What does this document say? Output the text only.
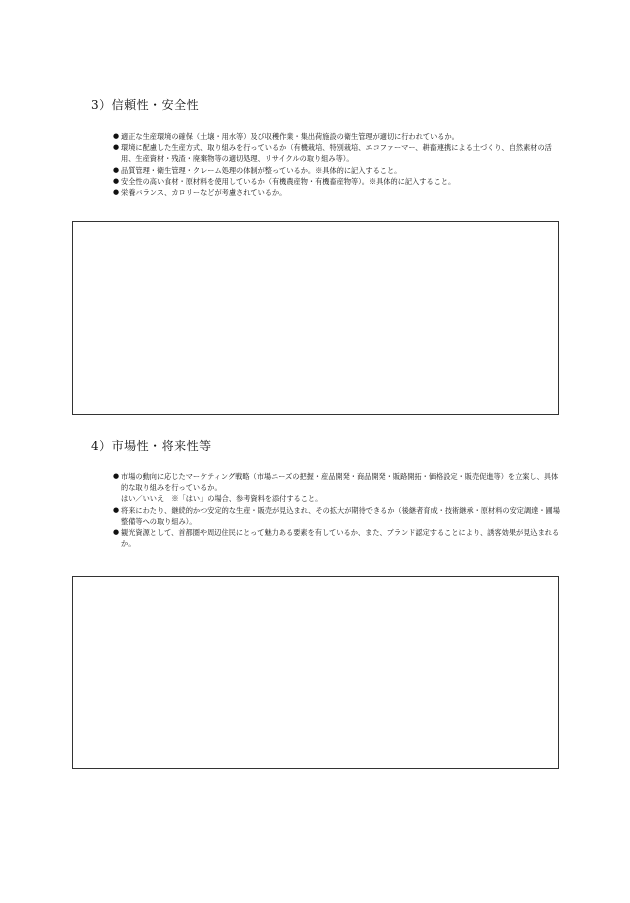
3）信頼性・安全性
● 適正な生産環境の確保（土壌・用水等）及び収穫作業・集出荷施設の衛生管理が適切に行われているか。
● 環境に配慮した生産方式、取り組みを行っているか（有機栽培、特別栽培、エコファーマー、耕畜連携による土づくり、自然素材の活用、生産資材・残渣・廃棄物等の適切処理、リサイクルの取り組み等）。
● 品質管理・衛生管理・クレーム処理の体制が整っているか。※具体的に記入すること。
● 安全性の高い食材・原材料を使用しているか（有機農産物・有機畜産物等）。※具体的に記入すること。
● 栄養バランス、カロリーなどが考慮されているか。
4）市場性・将来性等
● 市場の動向に応じたマーケティング戦略（市場ニーズの把握・産品開発・商品開発・販路開拓・価格設定・販売促進等）を立案し、具体的な取り組みを行っているか。
はい／いいえ　※「はい」の場合、参考資料を添付すること。
● 将来にわたり、継続的かつ安定的な生産・販売が見込まれ、その拡大が期待できるか（後継者育成・技術継承・原材料の安定調達・圃場整備等への取り組み）。
● 観光資源として、首都圏や周辺住民にとって魅力ある要素を有しているか、また、ブランド認定することにより、誘客効果が見込まれるか。
